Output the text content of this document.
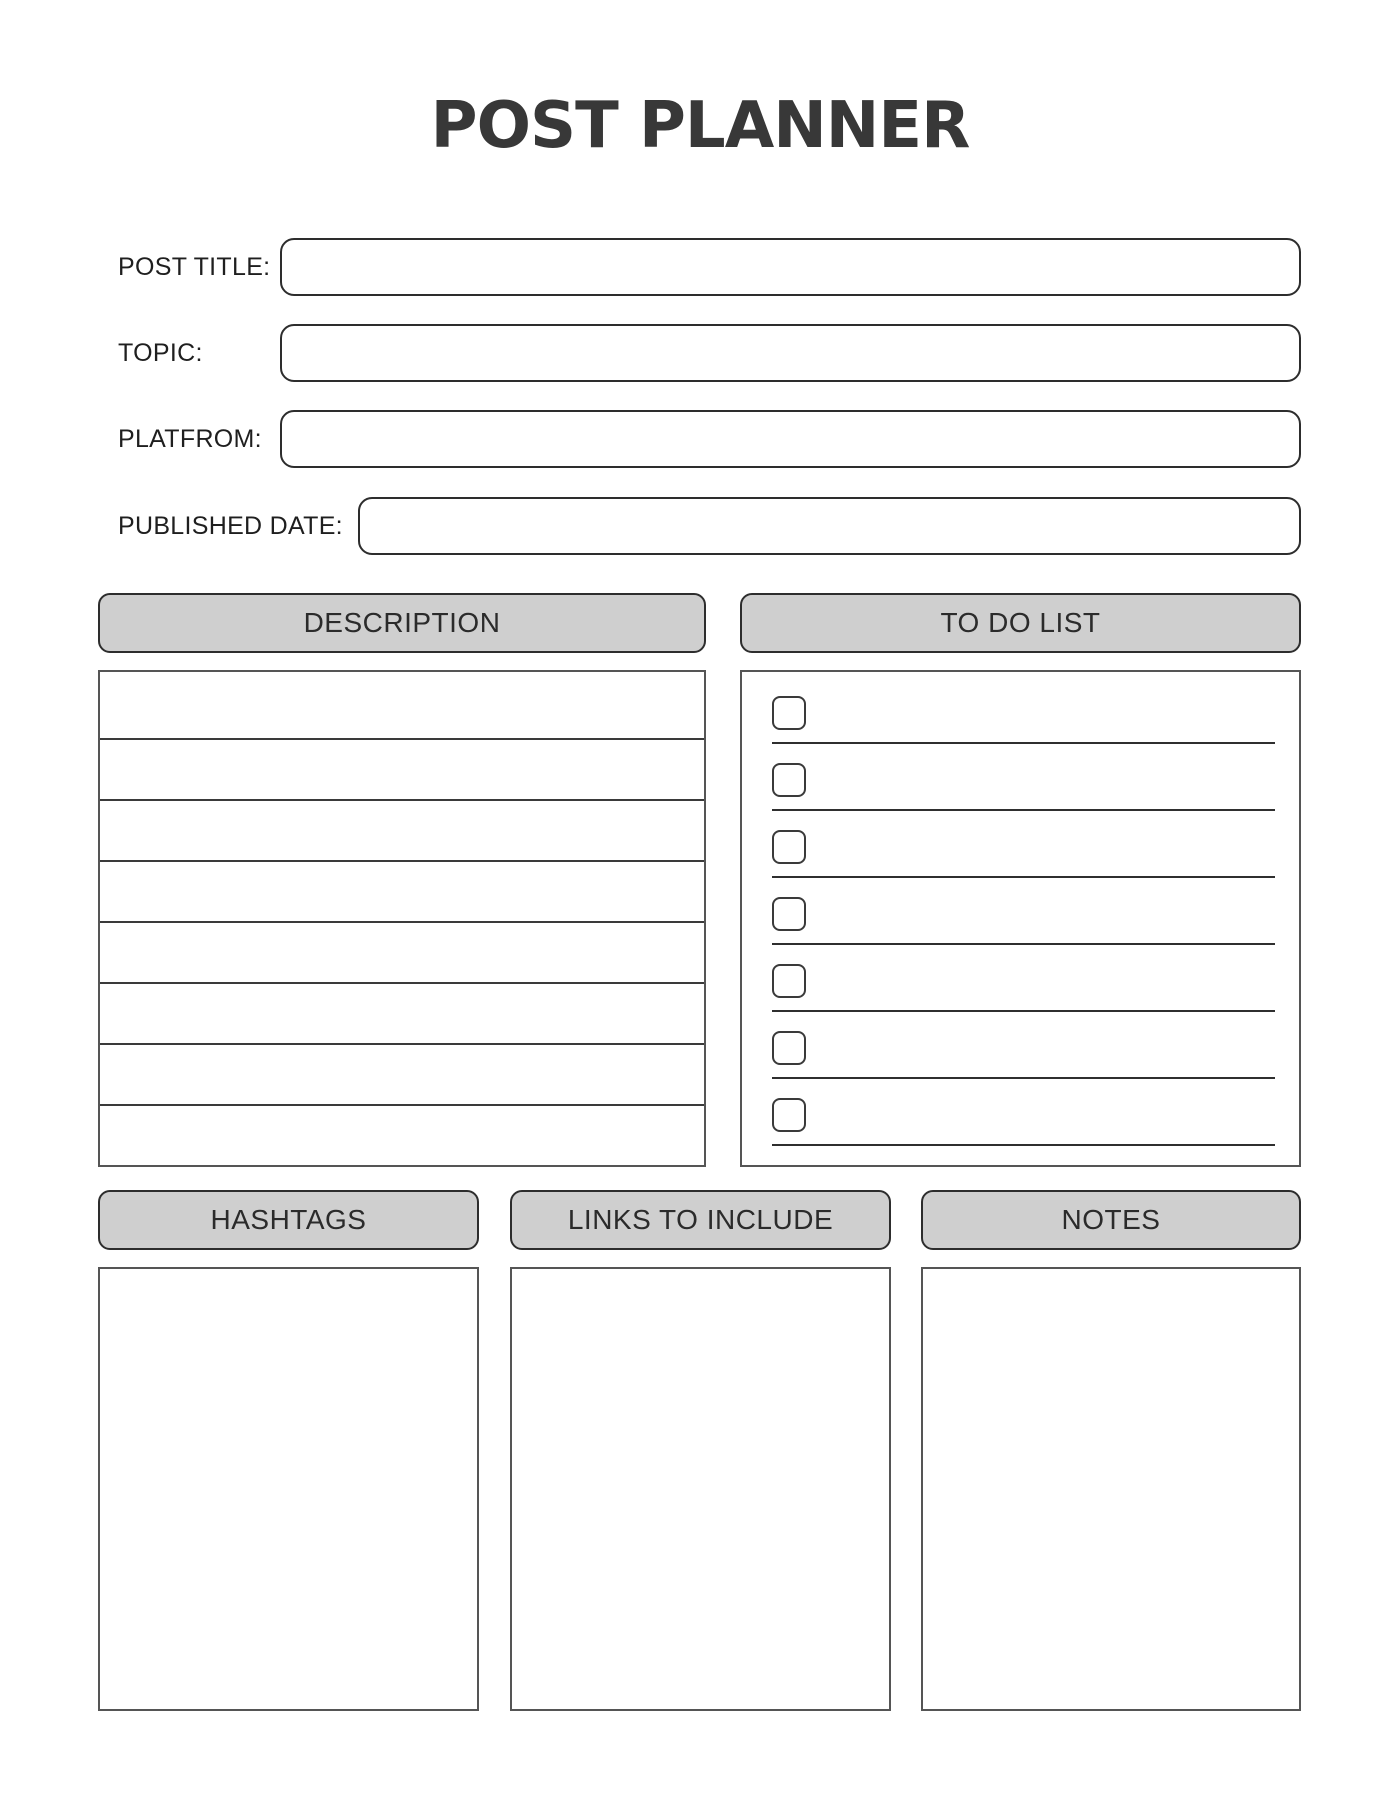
POST PLANNER
POST TITLE:
TOPIC:
PLATFROM:
PUBLISHED DATE:
DESCRIPTION	TO DO LIST
HASHTAGS	LINKS TO INCLUDE	NOTES
